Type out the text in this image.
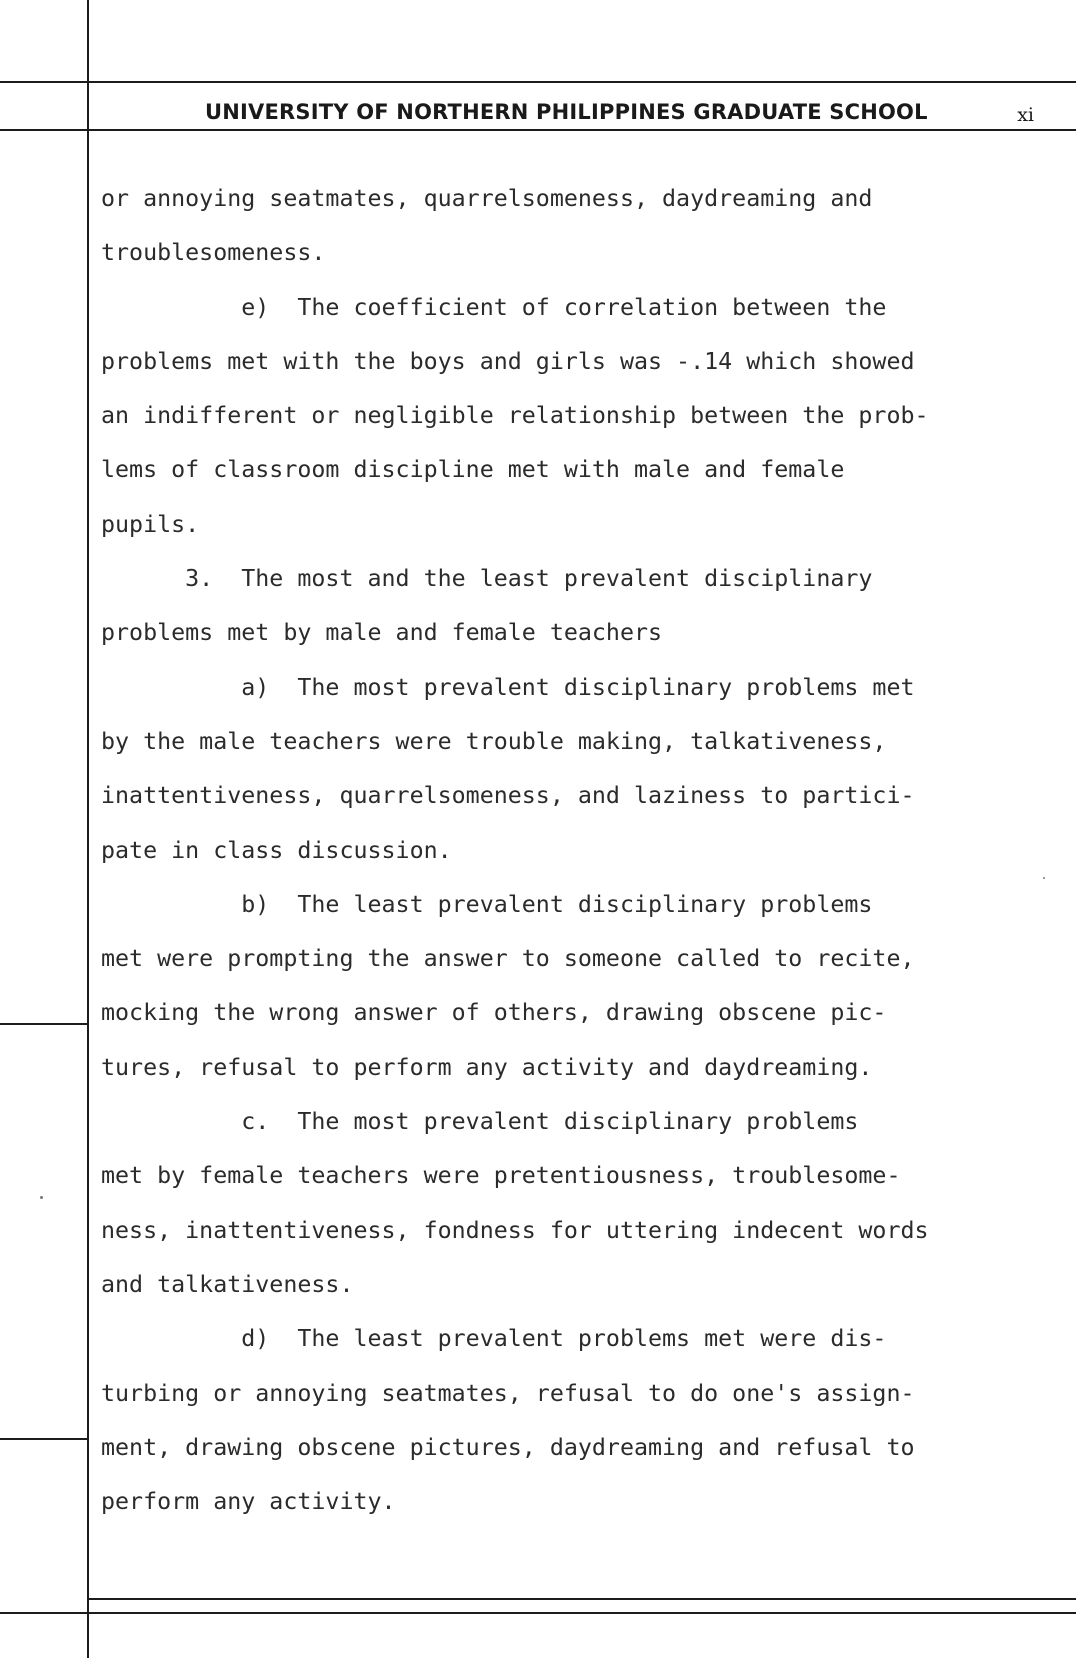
UNIVERSITY OF NORTHERN PHILIPPINES GRADUATE SCHOOL	xi
or annoying seatmates, quarrelsomeness, daydreaming and
troublesomeness.
e)  The coefficient of correlation between the
problems met with the boys and girls was -.14 which showed
an indifferent or negligible relationship between the prob-
lems of classroom discipline met with male and female
pupils.
3.  The most and the least prevalent disciplinary
problems met by male and female teachers
a)  The most prevalent disciplinary problems met
by the male teachers were trouble making, talkativeness,
inattentiveness, quarrelsomeness, and laziness to partici-
pate in class discussion.
b)  The least prevalent disciplinary problems
met were prompting the answer to someone called to recite,
mocking the wrong answer of others, drawing obscene pic-
tures, refusal to perform any activity and daydreaming.
c.  The most prevalent disciplinary problems
met by female teachers were pretentiousness, troublesome-
ness, inattentiveness, fondness for uttering indecent words
and talkativeness.
d)  The least prevalent problems met were dis-
turbing or annoying seatmates, refusal to do one's assign-
ment, drawing obscene pictures, daydreaming and refusal to
perform any activity.
